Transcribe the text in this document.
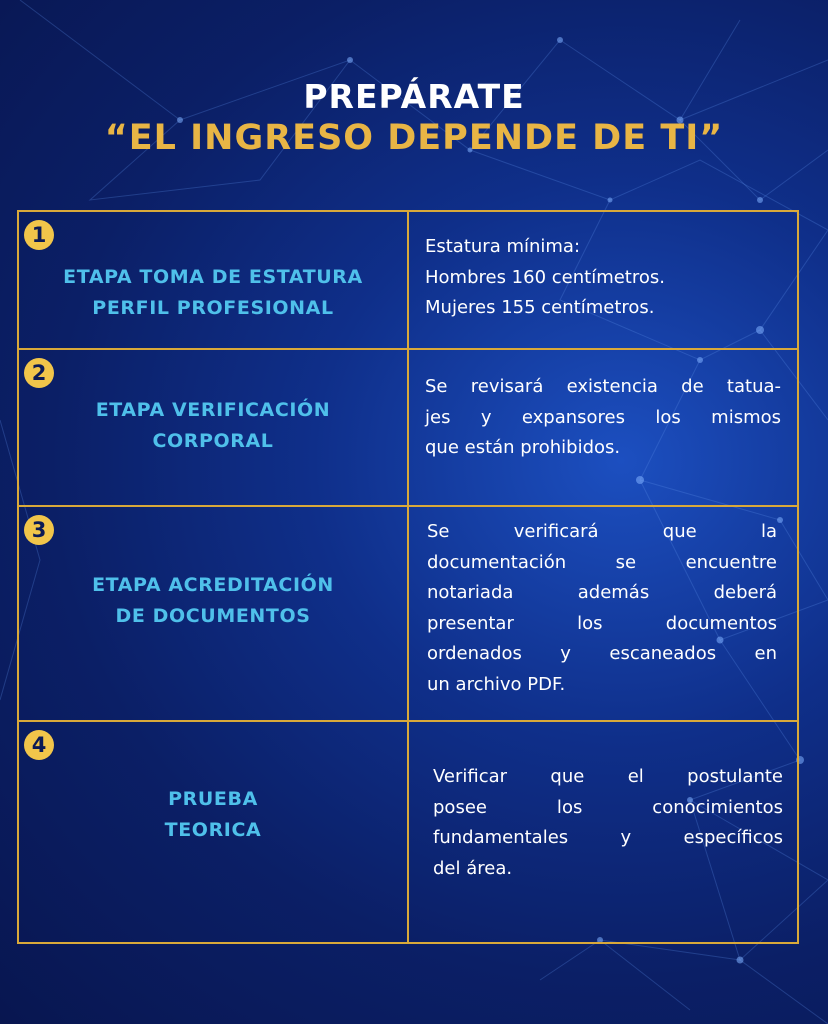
PREPÁRATE
“EL INGRESO DEPENDE DE TI”
1
ETAPA TOMA DE ESTATURA
PERFIL PROFESIONAL
Estatura mínima:
Hombres 160 centímetros.
Mujeres 155 centímetros.
2
ETAPA VERIFICACIÓN
CORPORAL
Se revisará existencia de tatua-
jes y expansores los mismos
que están prohibidos.
3
ETAPA ACREDITACIÓN
DE DOCUMENTOS
Se verificará que la
documentación se encuentre
notariada además deberá
presentar los documentos
ordenados y escaneados en
un archivo PDF.
4
PRUEBA
TEORICA
Verificar que el postulante
posee los conocimientos
fundamentales y específicos
del área.
